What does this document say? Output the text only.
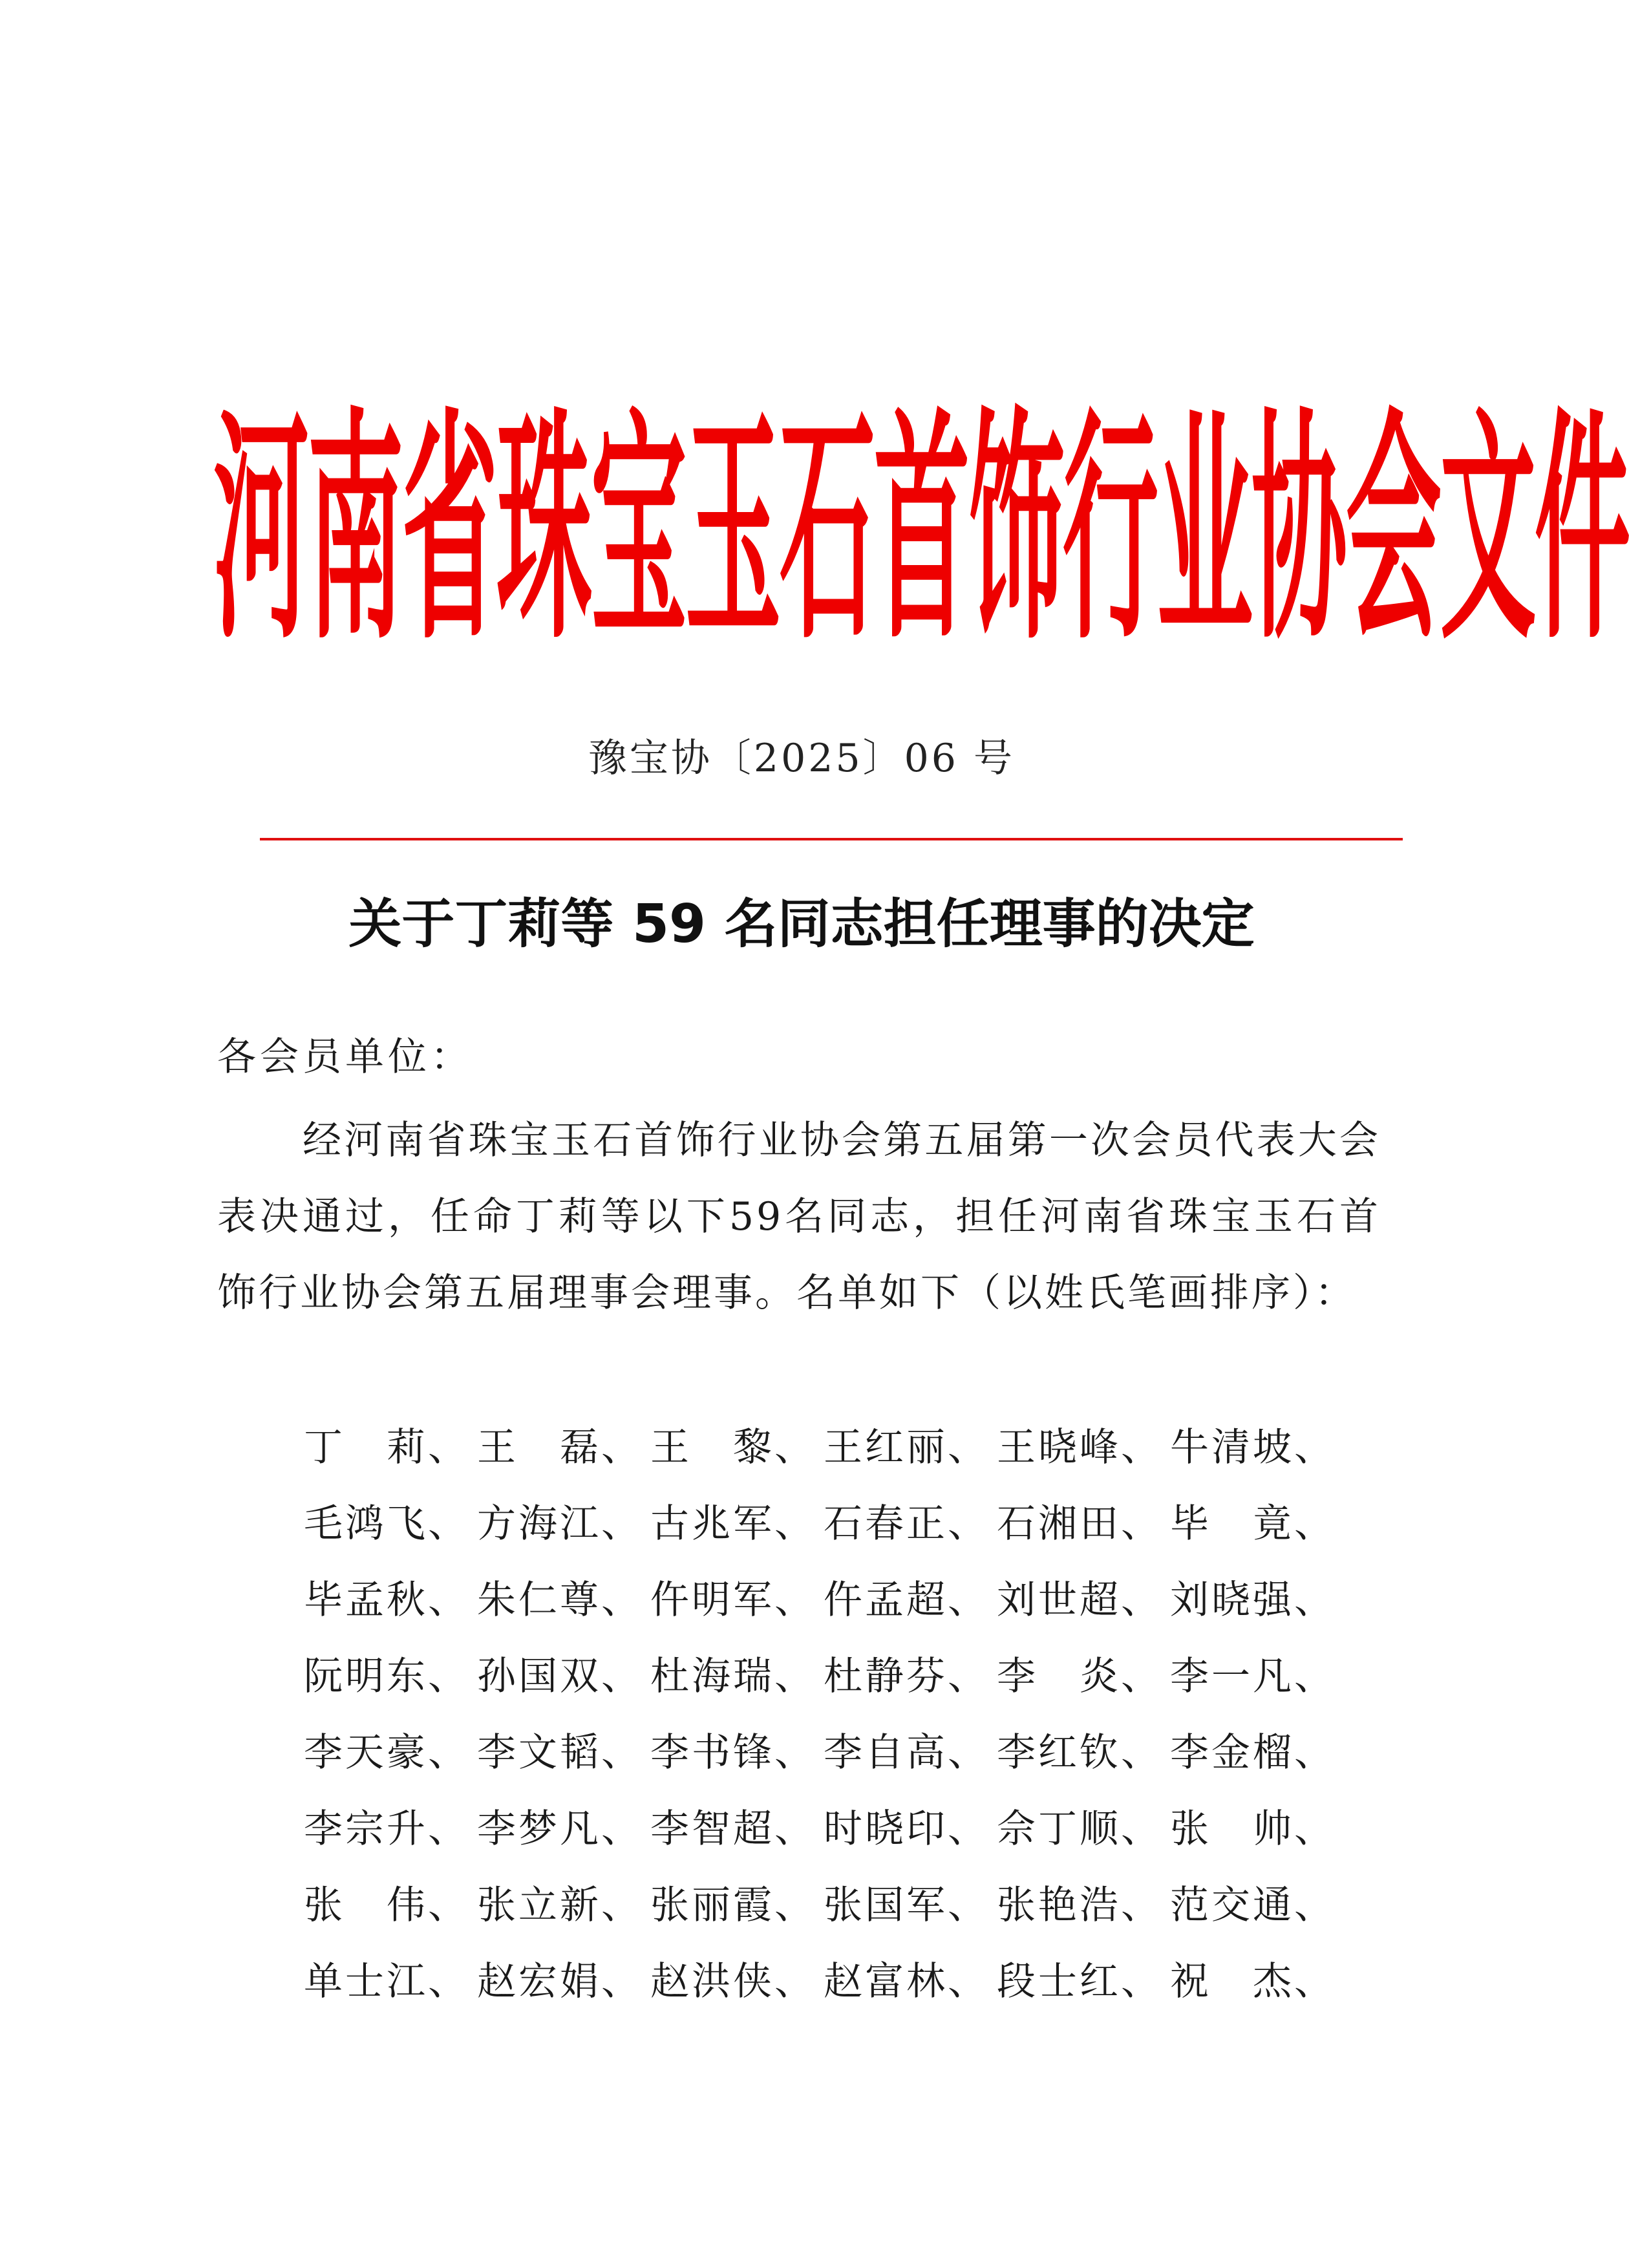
河南省珠宝玉石首饰行业协会文件
豫宝协〔2025〕06 号
关于丁莉等 59 名同志担任理事的决定
各会员单位：
经河南省珠宝玉石首饰行业协会第五届第一次会员代表大会表决通过，任命丁莉等以下59名同志，担任河南省珠宝玉石首饰行业协会第五届理事会理事。名单如下（以姓氏笔画排序）：
丁　莉、 王　磊、 王　黎、 王红丽、 王晓峰、 牛清坡、
毛鸿飞、 方海江、 古兆军、 石春正、 石湘田、 毕　竟、
毕孟秋、 朱仁尊、 仵明军、 仵孟超、 刘世超、 刘晓强、
阮明东、 孙国双、 杜海瑞、 杜静芬、 李　炎、 李一凡、
李天豪、 李文韬、 李书锋、 李自高、 李红钦、 李金榴、
李宗升、 李梦凡、 李智超、 时晓印、 佘丁顺、 张　帅、
张　伟、 张立新、 张丽霞、 张国军、 张艳浩、 范交通、
单士江、 赵宏娟、 赵洪侠、 赵富林、 段士红、 祝　杰、
